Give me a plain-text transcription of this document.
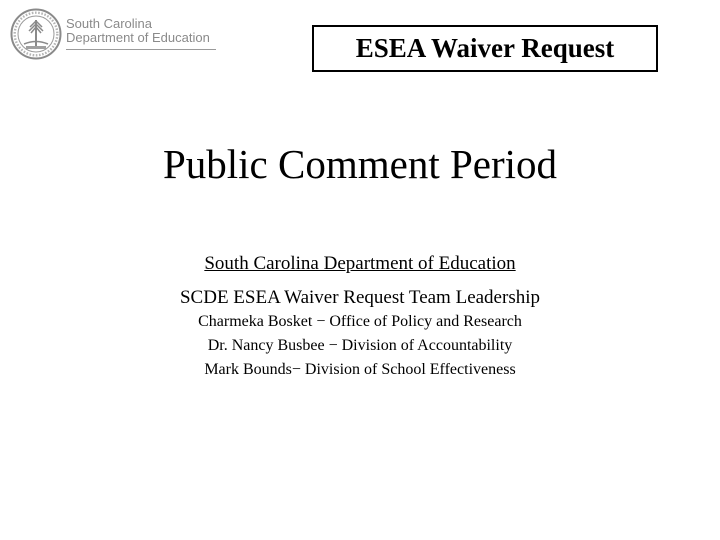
South Carolina
Department of Education	ESEA Waiver Request
Public Comment Period
South Carolina Department of Education
SCDE ESEA Waiver Request Team Leadership
Charmeka Bosket − Office of Policy and Research
Dr. Nancy Busbee − Division of Accountability
Mark Bounds− Division of School Effectiveness
